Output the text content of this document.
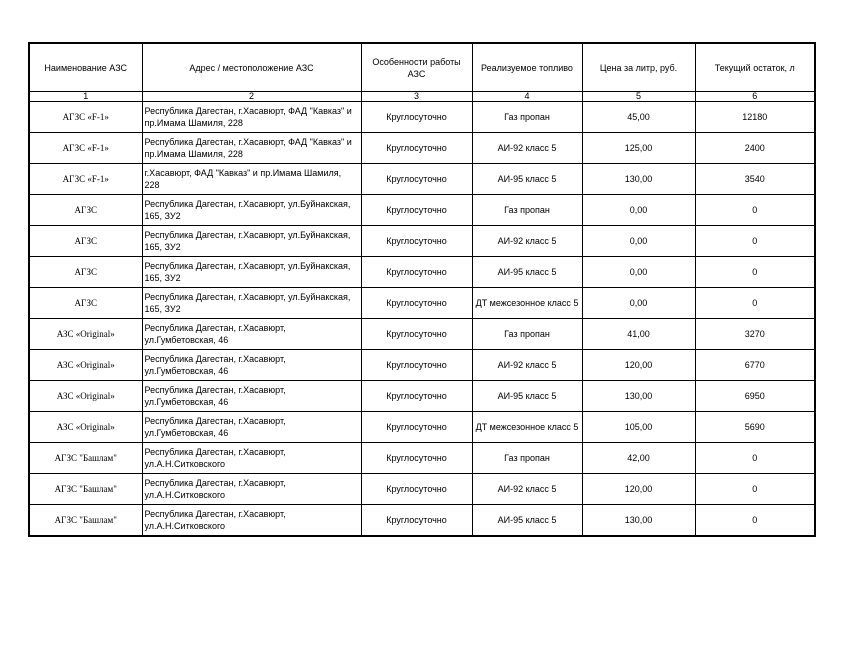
Наименование АЗС	Адрес / местоположение АЗС	Особенности работы АЗС	Реализуемое топливо	Цена за литр, руб.	Текущий остаток, л
1	2	3	4	5	6
АГЗС «F-1»	Республика Дагестан, г.Хасавюрт, ФАД "Кавказ" и пр.Имама Шамиля, 228	Круглосуточно	Газ пропан	45,00	12180
АГЗС «F-1»	Республика Дагестан, г.Хасавюрт, ФАД "Кавказ" и пр.Имама Шамиля, 228	Круглосуточно	АИ-92 класс 5	125,00	2400
АГЗС «F-1»	г.Хасавюрт, ФАД "Кавказ" и пр.Имама Шамиля, 228	Круглосуточно	АИ-95 класс 5	130,00	3540
АГЗС	Республика Дагестан, г.Хасавюрт, ул.Буйнакская, 165, ЗУ2	Круглосуточно	Газ пропан	0,00	0
АГЗС	Республика Дагестан, г.Хасавюрт, ул.Буйнакская, 165, ЗУ2	Круглосуточно	АИ-92 класс 5	0,00	0
АГЗС	Республика Дагестан, г.Хасавюрт, ул.Буйнакская, 165, ЗУ2	Круглосуточно	АИ-95 класс 5	0,00	0
АГЗС	Республика Дагестан, г.Хасавюрт, ул.Буйнакская, 165, ЗУ2	Круглосуточно	ДТ межсезонное класс 5	0,00	0
АЗС «Original»	Республика Дагестан, г.Хасавюрт, ул.Гумбетовская, 46	Круглосуточно	Газ пропан	41,00	3270
АЗС «Original»	Республика Дагестан, г.Хасавюрт, ул.Гумбетовская, 46	Круглосуточно	АИ-92 класс 5	120,00	6770
АЗС «Original»	Республика Дагестан, г.Хасавюрт, ул.Гумбетовская, 46	Круглосуточно	АИ-95 класс 5	130,00	6950
АЗС «Original»	Республика Дагестан, г.Хасавюрт, ул.Гумбетовская, 46	Круглосуточно	ДТ межсезонное класс 5	105,00	5690
АГЗС "Башлам"	Республика Дагестан, г.Хасавюрт, ул.А.Н.Ситковского	Круглосуточно	Газ пропан	42,00	0
АГЗС "Башлам"	Республика Дагестан, г.Хасавюрт, ул.А.Н.Ситковского	Круглосуточно	АИ-92 класс 5	120,00	0
АГЗС "Башлам"	Республика Дагестан, г.Хасавюрт, ул.А.Н.Ситковского	Круглосуточно	АИ-95 класс 5	130,00	0
